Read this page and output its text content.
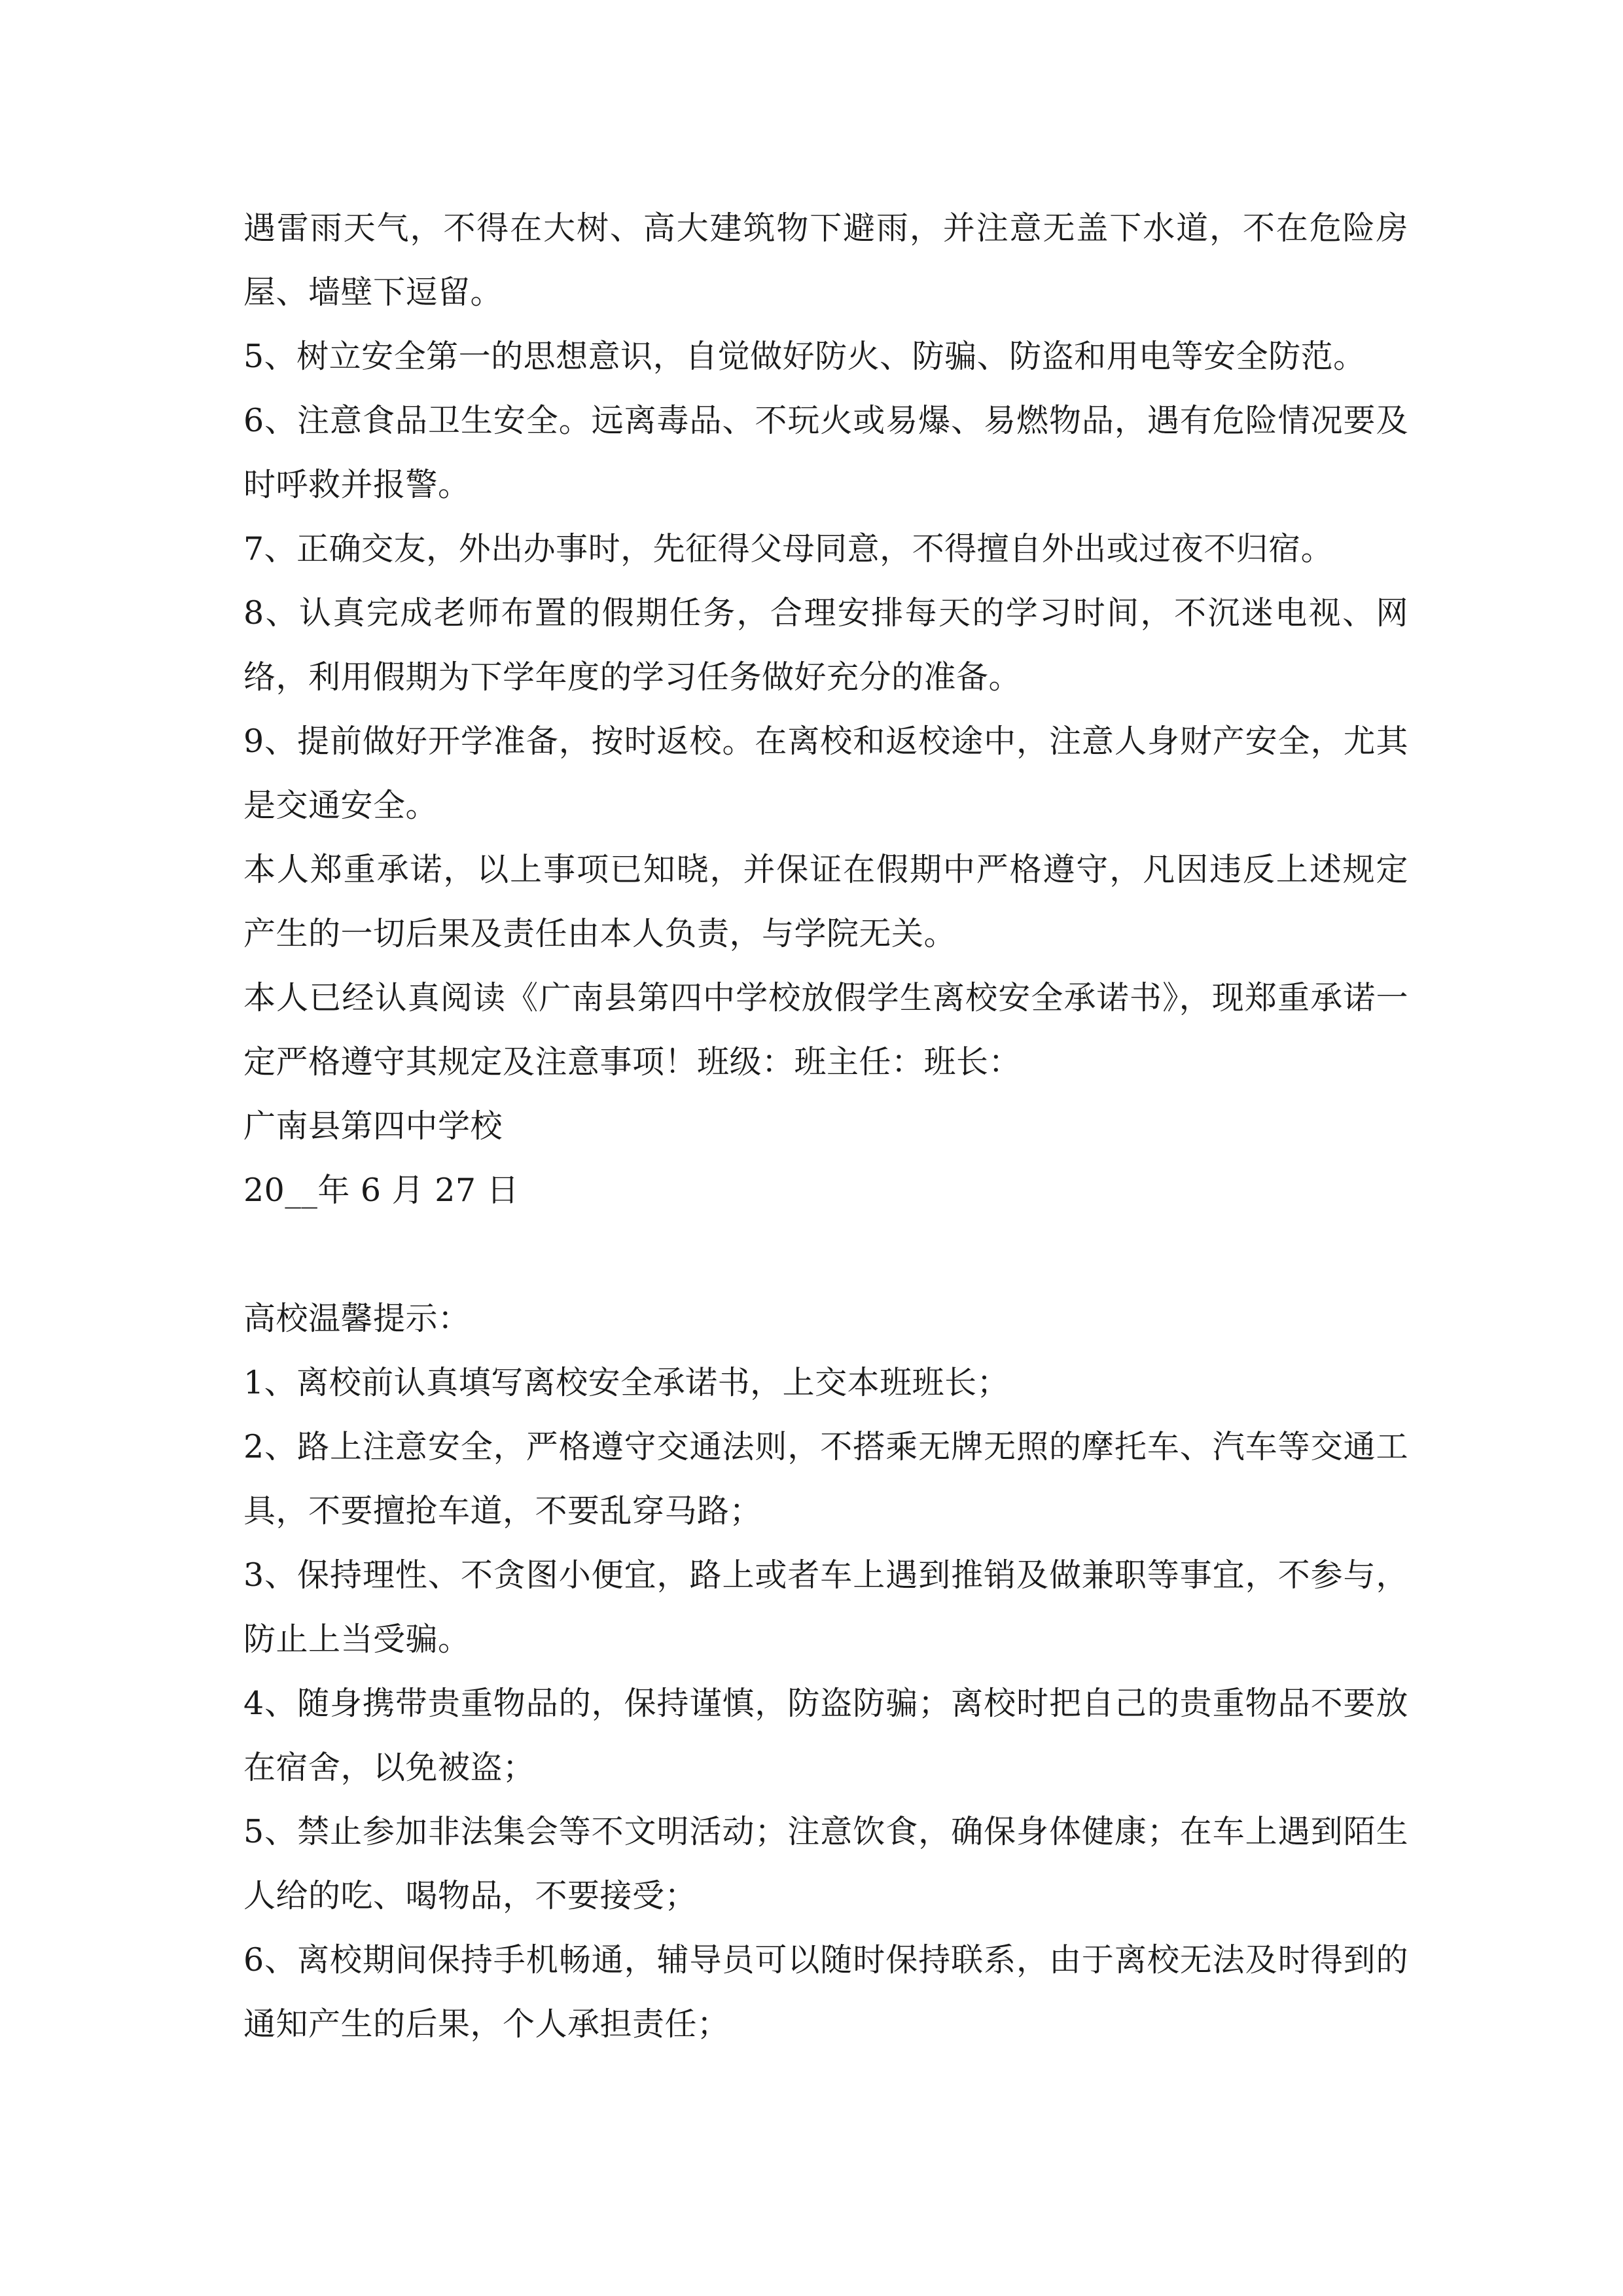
遇雷雨天气，不得在大树、高大建筑物下避雨，并注意无盖下水道，不在危险房屋、墙壁下逗留。

5、树立安全第一的思想意识，自觉做好防火、防骗、防盗和用电等安全防范。

6、注意食品卫生安全。远离毒品、不玩火或易爆、易燃物品，遇有危险情况要及时呼救并报警。

7、正确交友，外出办事时，先征得父母同意，不得擅自外出或过夜不归宿。

8、认真完成老师布置的假期任务，合理安排每天的学习时间，不沉迷电视、网络，利用假期为下学年度的学习任务做好充分的准备。

9、提前做好开学准备，按时返校。在离校和返校途中，注意人身财产安全，尤其是交通安全。

本人郑重承诺，以上事项已知晓，并保证在假期中严格遵守，凡因违反上述规定产生的一切后果及责任由本人负责，与学院无关。

本人已经认真阅读《广南县第四中学校放假学生离校安全承诺书》，现郑重承诺一定严格遵守其规定及注意事项！班级：班主任：班长：

广南县第四中学校

20__年 6 月 27 日

高校温馨提示：

1、离校前认真填写离校安全承诺书，上交本班班长；

2、路上注意安全，严格遵守交通法则，不搭乘无牌无照的摩托车、汽车等交通工具，不要擅抢车道，不要乱穿马路；

3、保持理性、不贪图小便宜，路上或者车上遇到推销及做兼职等事宜，不参与，防止上当受骗。

4、随身携带贵重物品的，保持谨慎，防盗防骗；离校时把自己的贵重物品不要放在宿舍，以免被盗；

5、禁止参加非法集会等不文明活动；注意饮食，确保身体健康；在车上遇到陌生人给的吃、喝物品，不要接受；

6、离校期间保持手机畅通，辅导员可以随时保持联系，由于离校无法及时得到的通知产生的后果，个人承担责任；
